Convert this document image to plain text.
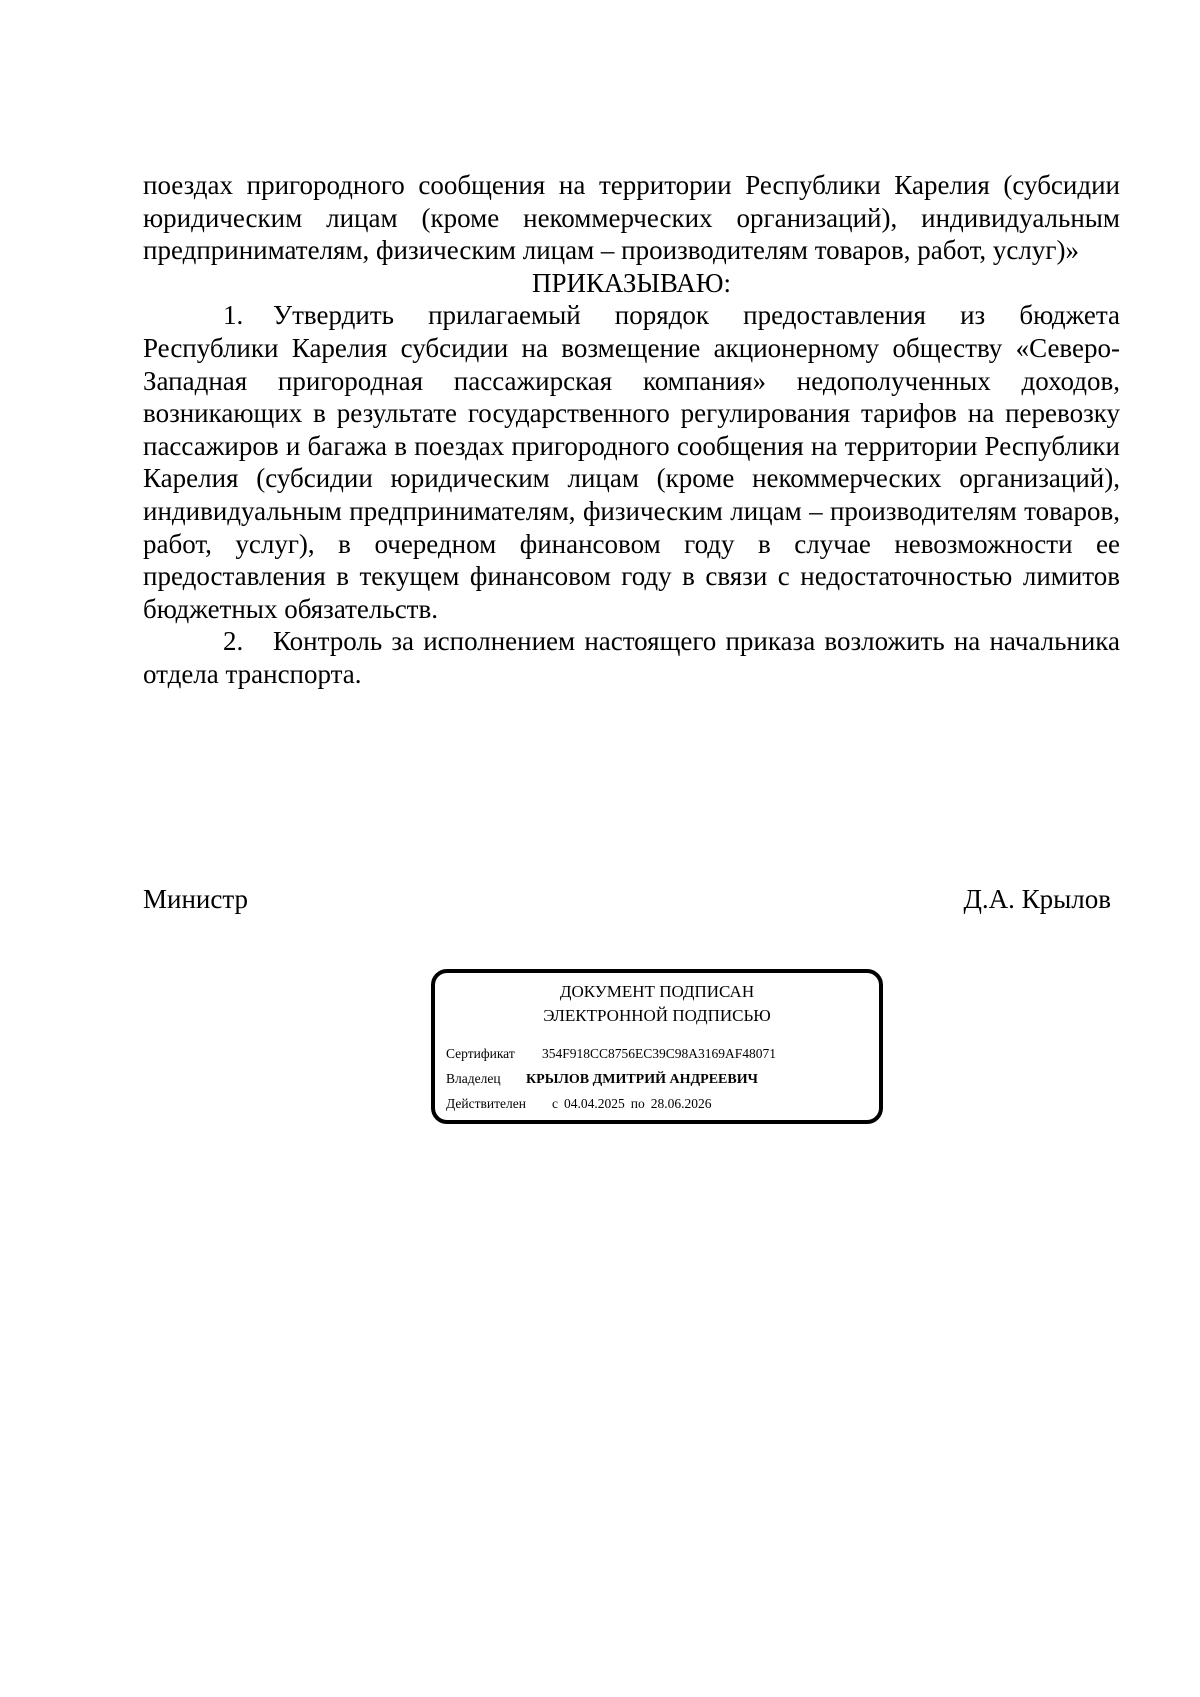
поездах пригородного сообщения на территории Республики Карелия (субсидии юридическим лицам (кроме некоммерческих организаций), индивидуальным предпринимателям, физическим лицам – производителям товаров, работ, услуг)»

ПРИКАЗЫВАЮ:

1. Утвердить прилагаемый порядок предоставления из бюджета Республики Карелия субсидии на возмещение акционерному обществу «Северо-Западная пригородная пассажирская компания» недополученных доходов, возникающих в результате государственного регулирования тарифов на перевозку пассажиров и багажа в поездах пригородного сообщения на территории Республики Карелия (субсидии юридическим лицам (кроме некоммерческих организаций), индивидуальным предпринимателям, физическим лицам – производителям товаров, работ, услуг), в очередном финансовом году в случае невозможности ее предоставления в текущем финансовом году в связи с недостаточностью лимитов бюджетных обязательств.

2. Контроль за исполнением настоящего приказа возложить на начальника отдела транспорта.

Министр	Д.А. Крылов
ДОКУМЕНТ ПОДПИСАН
ЭЛЕКТРОННОЙ ПОДПИСЬЮ
Сертификат 354F918CC8756EC39C98A3169AF48071
Владелец КРЫЛОВ ДМИТРИЙ АНДРЕЕВИЧ
Действителен с 04.04.2025 по 28.06.2026
